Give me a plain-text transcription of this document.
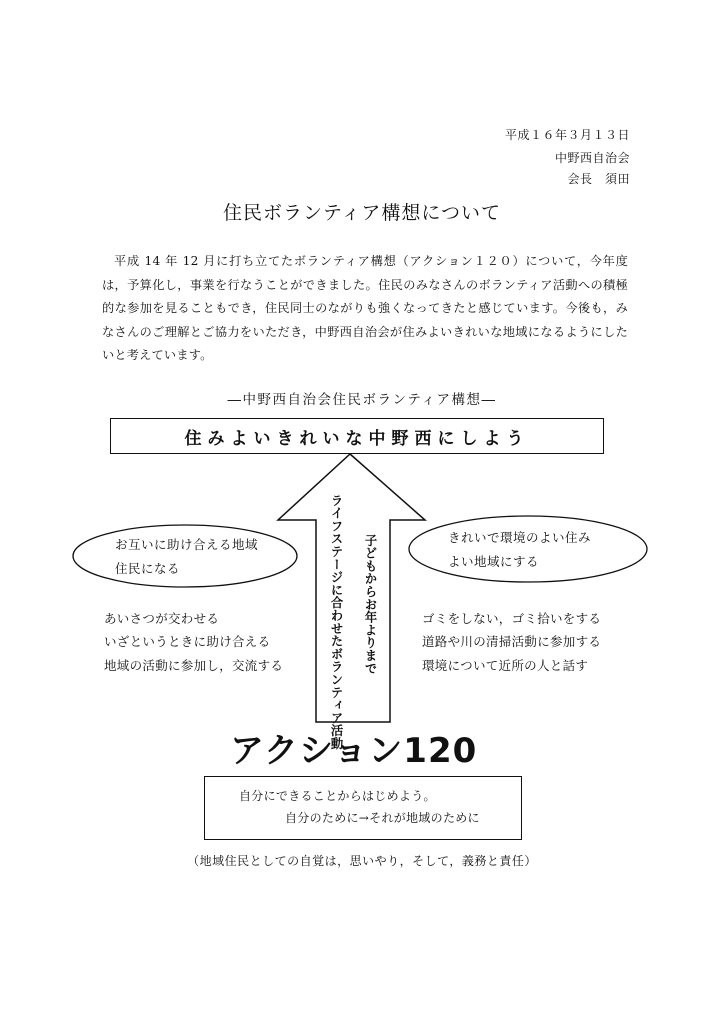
平成１６年３月１３日
中野西自治会
会長　須田
住民ボランティア構想について
平成 14 年 12 月に打ち立てたボランティア構想（アクション１２０）について，今年度は，予算化し，事業を行なうことができました。住民のみなさんのボランティア活動への積極的な参加を見ることもでき，住民同士のながりも強くなってきたと感じています。今後も，みなさんのご理解とご協力をいただき，中野西自治会が住みよいきれいな地域になるようにしたいと考えています。
―中野西自治会住民ボランティア構想―
住みよいきれいな中野西にしよう
ライフステージに合わせたボランティア活動 子どもからお年よりまで
お互いに助け合える地域
住民になる
きれいで環境のよい住み
よい地域にする
あいさつが交わせる
いざというときに助け合える
地域の活動に参加し，交流する
ゴミをしない，ゴミ拾いをする
道路や川の清掃活動に参加する
環境について近所の人と話す
アクション120
自分にできることからはじめよう。
自分のために→それが地域のために
（地域住民としての自覚は，思いやり，そして，義務と責任）
